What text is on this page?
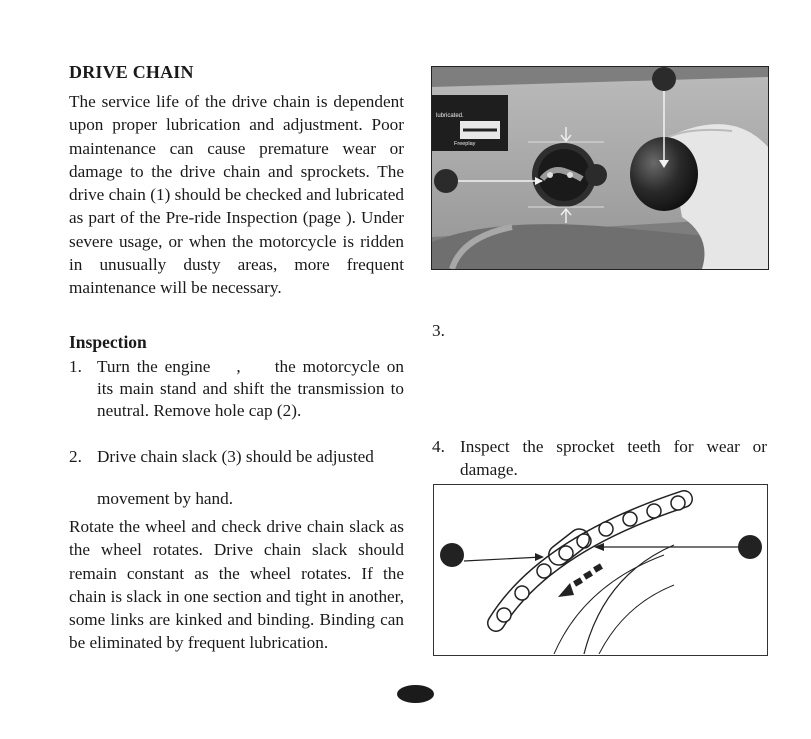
DRIVE CHAIN
The service life of the drive chain is dependent upon proper lubrication and adjustment. Poor maintenance can cause premature wear or damage to the drive chain and sprockets. The drive chain (1) should be checked and lubricated as part of the Pre-ride Inspection (page ). Under severe usage, or when the motorcycle is ridden in unusually dusty areas, more frequent maintenance will be necessary.
Inspection
1. Turn the engine , the motorcycle on its main stand and shift the transmission to neutral. Remove hole cap (2).
2. Drive chain slack (3) should be adjusted
movement by hand.
Rotate the wheel and check drive chain slack as the wheel rotates. Drive chain slack should remain constant as the wheel rotates. If the chain is slack in one section and tight in another, some links are kinked and binding. Binding can be eliminated by frequent lubrication.
3.
4. Inspect the sprocket teeth for wear or damage.
lubricated.
Freeplay
